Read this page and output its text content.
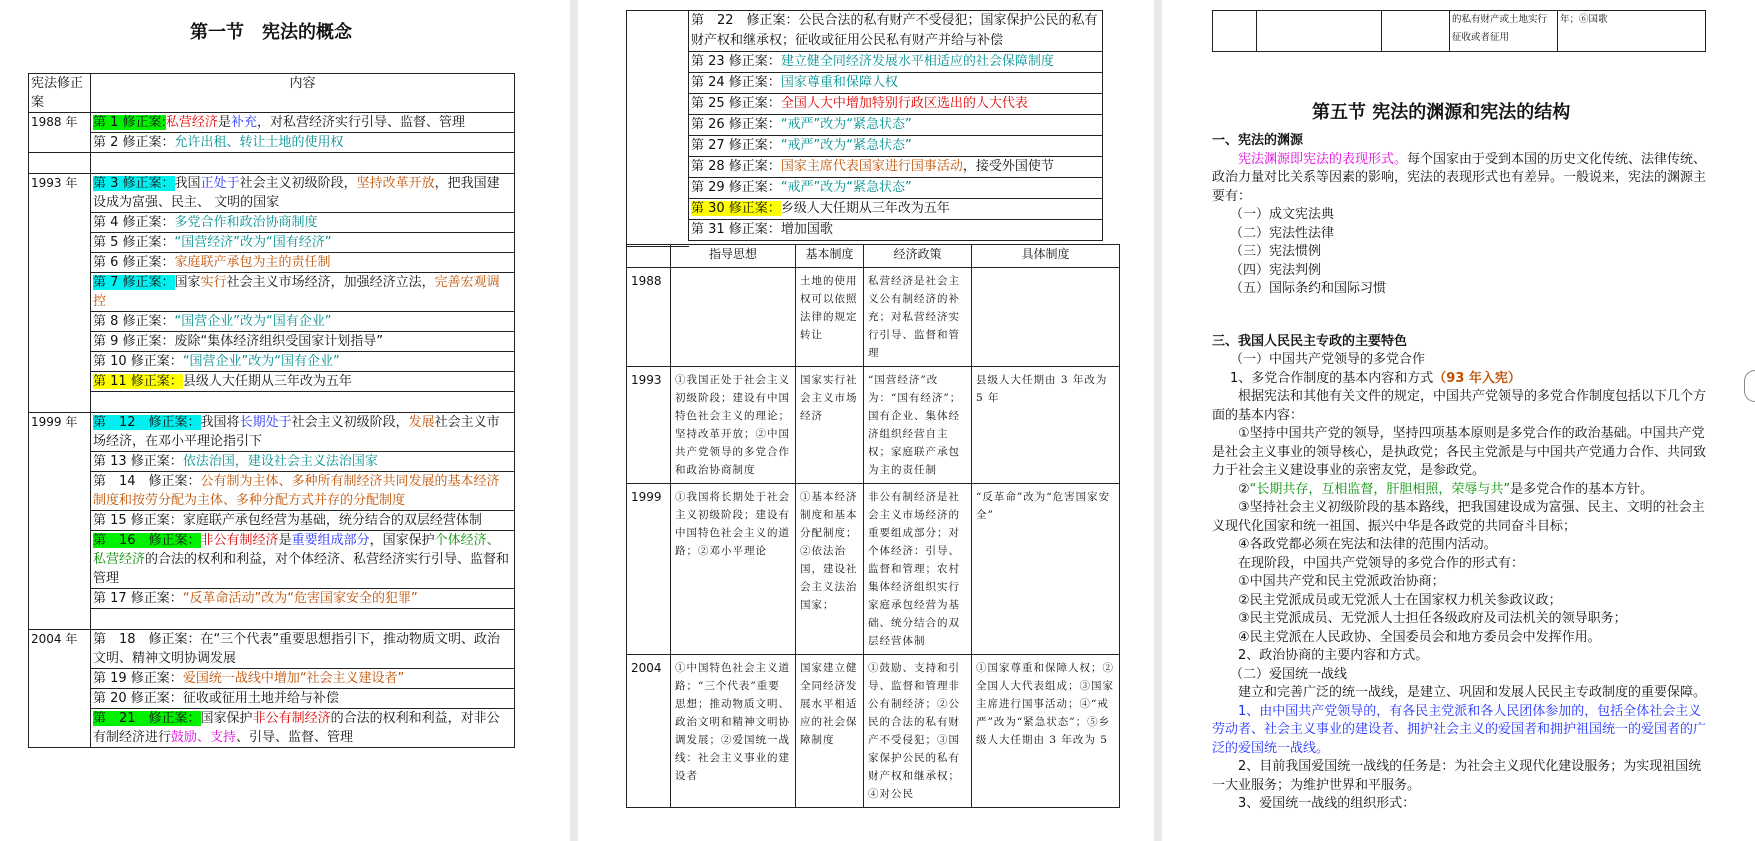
第一节　宪法的概念
宪法修正案	内容
1988 年	第 1 修正案:私营经济是补充，对私营经济实行引导、监督、管理
	第 2 修正案：允许出租、转让土地的使用权

1993 年	第 3 修正案：我国正处于社会主义初级阶段，坚持改革开放，把我国建设成为富强、民主、 文明的国家
	第 4 修正案：多党合作和政治协商制度
	第 5 修正案：“国营经济”改为“国有经济”
	第 6 修正案：家庭联产承包为主的责任制
	第 7 修正案：国家实行社会主义市场经济，加强经济立法，完善宏观调控
	第 8 修正案：“国营企业”改为“国有企业”
	第 9 修正案：废除“集体经济组织受国家计划指导”
	第 10 修正案：“国营企业”改为“国有企业”
	第 11 修正案：县级人大任期从三年改为五年

1999 年	第　12　修正案：我国将长期处于社会主义初级阶段，发展社会主义市场经济，在邓小平理论指引下
	第 13 修正案：依法治国，建设社会主义法治国家
	第　14　修正案：公有制为主体、多种所有制经济共同发展的基本经济制度和按劳分配为主体、多种分配方式并存的分配制度
	第 15 修正案：家庭联产承包经营为基础，统分结合的双层经营体制
	第　16　修正案：非公有制经济是重要组成部分，国家保护个体经济、私营经济的合法的权利和利益，对个体经济、私营经济实行引导、监督和管理
	第 17 修正案：“反革命活动”改为“危害国家安全的犯罪”

2004 年	第　18　修正案：在“三个代表”重要思想指引下，推动物质文明、政治文明、精神文明协调发展
	第 19 修正案：爱国统一战线中增加“社会主义建设者”
	第 20 修正案：征收或征用土地并给与补偿
	第　21　修正案：国家保护非公有制经济的合法的权利和利益，对非公有制经济进行鼓励、支持、引导、监督、管理
第　22　修正案：公民合法的私有财产不受侵犯；国家保护公民的私有财产权和继承权；征收或征用公民私有财产并给与补偿
第 23 修正案：建立健全同经济发展水平相适应的社会保障制度
第 24 修正案：国家尊重和保障人权
第 25 修正案：全国人大中增加特别行政区选出的人大代表
第 26 修正案：“戒严”改为“紧急状态”
第 27 修正案：“戒严”改为“紧急状态”
第 28 修正案：国家主席代表国家进行国事活动，接受外国使节
第 29 修正案：“戒严”改为“紧急状态”
第 30 修正案：乡级人大任期从三年改为五年
第 31 修正案：增加国歌
	指导思想	基本制度	经济政策	具体制度
1988		土地的使用权可以依照法律的规定转让	私营经济是社会主义公有制经济的补充；对私营经济实行引导、监督和管理	
1993	①我国正处于社会主义初级阶段；建设有中国特色社会主义的理论；坚持改革开放；②中国共产党领导的多党合作和政治协商制度	国家实行社会主义市场经济	“国营经济”改为：“国有经济”；国有企业、集体经济组织经营自主权；家庭联产承包为主的责任制	县级人大任期由 3 年改为 5 年
1999	①我国将长期处于社会主义初级阶段；建设有中国特色社会主义的道路；②邓小平理论	①基本经济制度和基本分配制度；②依法治国，建设社会主义法治国家；	非公有制经济是社会主义市场经济的重要组成部分；对个体经济：引导、监督和管理；农村集体经济组织实行家庭承包经营为基础、统分结合的双层经营体制	“反革命”改为“危害国家安全”
2004	①中国特色社会主义道路；“三个代表”重要思想；推动物质文明、政治文明和精神文明协调发展；②爱国统一战线：社会主义事业的建设者	国家建立健全同经济发展水平相适应的社会保障制度	①鼓励、支持和引导、监督和管理非公有制经济；②公民的合法的私有财产不受侵犯；③国家保护公民的私有财产权和继承权；④对公民	①国家尊重和保障人权；②全国人大代表组成；③国家主席进行国事活动；④“戒严”改为“紧急状态”；⑤乡级人大任期由 3 年改为 5
			的私有财产或土地实行征收或者征用	年；⑥国歌
第五节 宪法的渊源和宪法的结构

一、宪法的渊源

宪法渊源即宪法的表现形式。每个国家由于受到本国的历史文化传统、法律传统、政治力量对比关系等因素的影响，宪法的表现形式也有差异。一般说来，宪法的渊源主要有：

（一）成文宪法典

（二）宪法性法律

（三）宪法惯例

（四）宪法判例

（五）国际条约和国际习惯

三、我国人民民主专政的主要特色

（一）中国共产党领导的多党合作

1、多党合作制度的基本内容和方式（93 年入宪）

根据宪法和其他有关文件的规定，中国共产党领导的多党合作制度包括以下几个方面的基本内容：

①坚持中国共产党的领导，坚持四项基本原则是多党合作的政治基础。中国共产党是社会主义事业的领导核心，是执政党；各民主党派是与中国共产党通力合作、共同致力于社会主义建设事业的亲密友党，是参政党。

②“长期共存，互相监督，肝胆相照，荣辱与共”是多党合作的基本方针。

③坚持社会主义初级阶段的基本路线，把我国建设成为富强、民主、文明的社会主义现代化国家和统一祖国、振兴中华是各政党的共同奋斗目标；

④各政党都必须在宪法和法律的范围内活动。

在现阶段，中国共产党领导的多党合作的形式有：

①中国共产党和民主党派政治协商；

②民主党派成员或无党派人士在国家权力机关参政议政；

③民主党派成员、无党派人士担任各级政府及司法机关的领导职务；

④民主党派在人民政协、全国委员会和地方委员会中发挥作用。

2、政治协商的主要内容和方式。

（二）爱国统一战线

建立和完善广泛的统一战线，是建立、巩固和发展人民民主专政制度的重要保障。

1、由中国共产党领导的，有各民主党派和各人民团体参加的，包括全体社会主义劳动者、社会主义事业的建设者、拥护社会主义的爱国者和拥护祖国统一的爱国者的广泛的爱国统一战线。

2、目前我国爱国统一战线的任务是：为社会主义现代化建设服务；为实现祖国统一大业服务；为维护世界和平服务。

3、爱国统一战线的组织形式：
